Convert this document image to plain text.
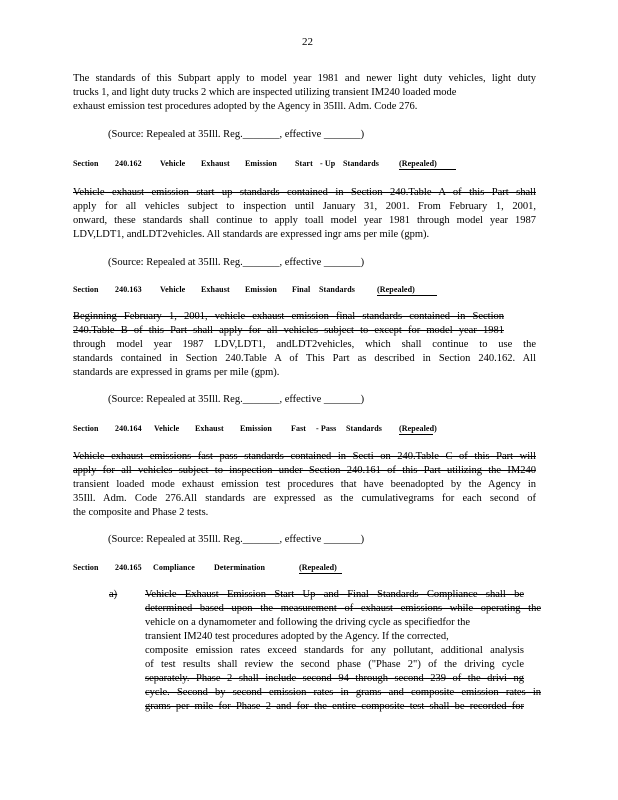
22
The standards of this Subpart apply to model year 1981 and newer light duty vehicles, light duty
trucks 1, and light duty trucks 2 which are inspected utilizing transient IM240 loaded mode
exhaust emission test procedures adopted by the Agency in 35Ill. Adm. Code 276.
(Source: Repealed at 35Ill. Reg._______, effective _______)
Section 240.162 Vehicle Exhaust Emission Start - Up Standards (Repealed)
Vehicle exhaust emission start up standards contained in Section 240.Table A of this Part shall
apply for all vehicles subject to inspection until January 31, 2001. From February 1, 2001,
onward, these standards shall continue to apply toall model year 1981 through model year 1987
LDV,LDT1, andLDT2vehicles. All standards are expressed ingr ams per mile (gpm).
(Source: Repealed at 35Ill. Reg._______, effective _______)
Section 240.163 Vehicle Exhaust Emission Final Standards	(Repealed)
Beginning February 1, 2001, vehicle exhaust emission final standards contained in Section
240.Table B of this Part shall apply for all vehicles subject to except for model year 1981
through model year 1987 LDV,LDT1, andLDT2vehicles, which shall continue to use the
standards contained in Section 240.Table A of This Part as described in Section 240.162. All
standards are expressed in grams per mile (gpm).
(Source: Repealed at 35Ill. Reg._______, effective _______)
Section 240.164 Vehicle Exhaust Emission Fast - Pass Standards (Repealed)
Vehicle exhaust emissions fast pass standards contained in Secti on 240.Table C of this Part will
apply for all vehicles subject to inspection under Section 240.161 of this Part utilizing the IM240
transient loaded mode exhaust emission test procedures that have beenadopted by the Agency in
35Ill. Adm. Code 276.All standards are expressed as the cumulativegrams for each second of
the composite and Phase 2 tests.
(Source: Repealed at 35Ill. Reg._______, effective _______)
Section 240.165 Compliance Determination	(Repealed)
a)	Vehicle Exhaust Emission Start Up and Final Standards Compliance shall be
determined based upon the measurement of exhaust emissions while operating the
vehicle on a dynamometer and following the driving cycle as specifiedfor the
transient IM240 test procedures adopted by the Agency. If the corrected,
composite emission rates exceed standards for any pollutant, additional analysis
of test results shall review the second phase ("Phase 2") of the driving cycle
separately. Phase 2 shall include second 94 through second 239 of the drivi ng
cycle. Second by second emission rates in grams and composite emission rates in
grams per mile for Phase 2 and for the entire composite test shall be recorded for
